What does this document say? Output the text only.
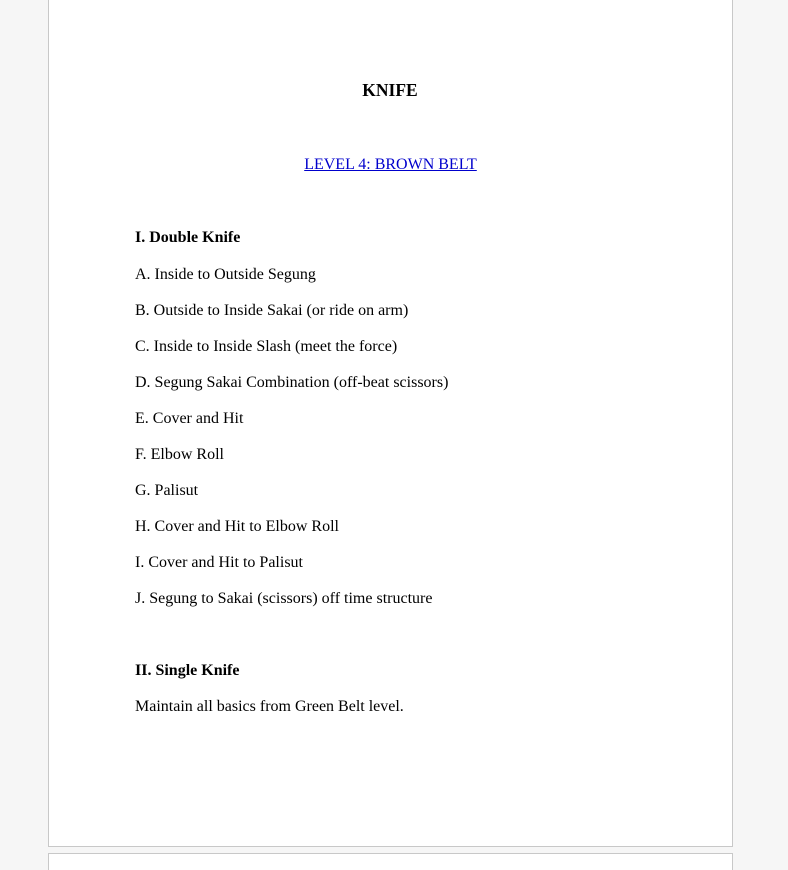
KNIFE
LEVEL 4: BROWN BELT
I. Double Knife
A. Inside to Outside Segung
B. Outside to Inside Sakai (or ride on arm)
C. Inside to Inside Slash (meet the force)
D. Segung Sakai Combination (off-beat scissors)
E. Cover and Hit
F. Elbow Roll
G. Palisut
H. Cover and Hit to Elbow Roll
I. Cover and Hit to Palisut
J. Segung to Sakai (scissors) off time structure
II. Single Knife
Maintain all basics from Green Belt level.
